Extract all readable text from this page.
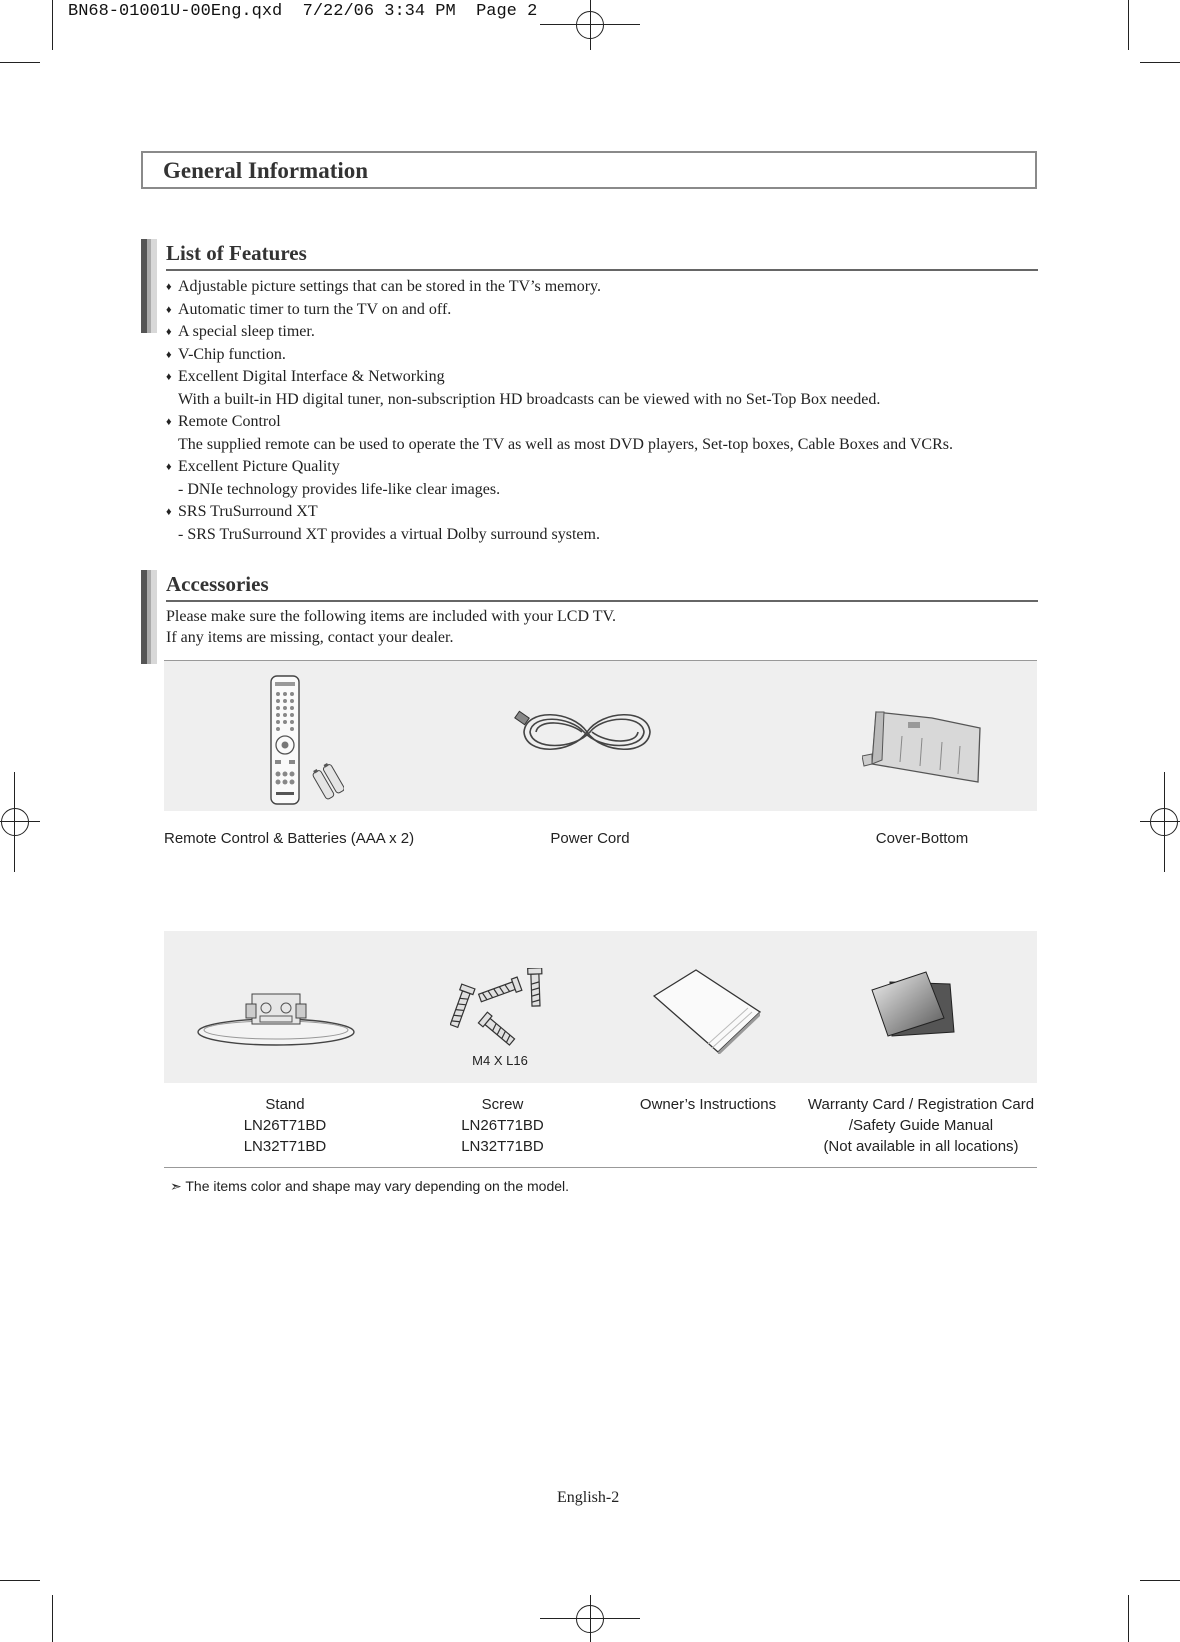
BN68-01001U-00Eng.qxd  7/22/06 3:34 PM  Page 2
General Information
List of Features
♦ Adjustable picture settings that can be stored in the TV’s memory.
♦ Automatic timer to turn the TV on and off.
♦ A special sleep timer.
♦ V-Chip function.
♦ Excellent Digital Interface & Networking
With a built-in HD digital tuner, non-subscription HD broadcasts can be viewed with no Set-Top Box needed.
♦ Remote Control
The supplied remote can be used to operate the TV as well as most DVD players, Set-top boxes, Cable Boxes and VCRs.
♦ Excellent Picture Quality
- DNIe technology provides life-like clear images.
♦ SRS TruSurround XT
- SRS TruSurround XT provides a virtual Dolby surround system.
Accessories
Please make sure the following items are included with your LCD TV.
If any items are missing, contact your dealer.
Remote Control & Batteries (AAA x 2)	Power Cord	Cover-Bottom
M4 X L16
Stand
LN26T71BD
LN32T71BD
Screw
LN26T71BD
LN32T71BD
Owner’s Instructions	Warranty Card / Registration Card
/Safety Guide Manual
(Not available in all locations)
➣ The items color and shape may vary depending on the model.
English-2
